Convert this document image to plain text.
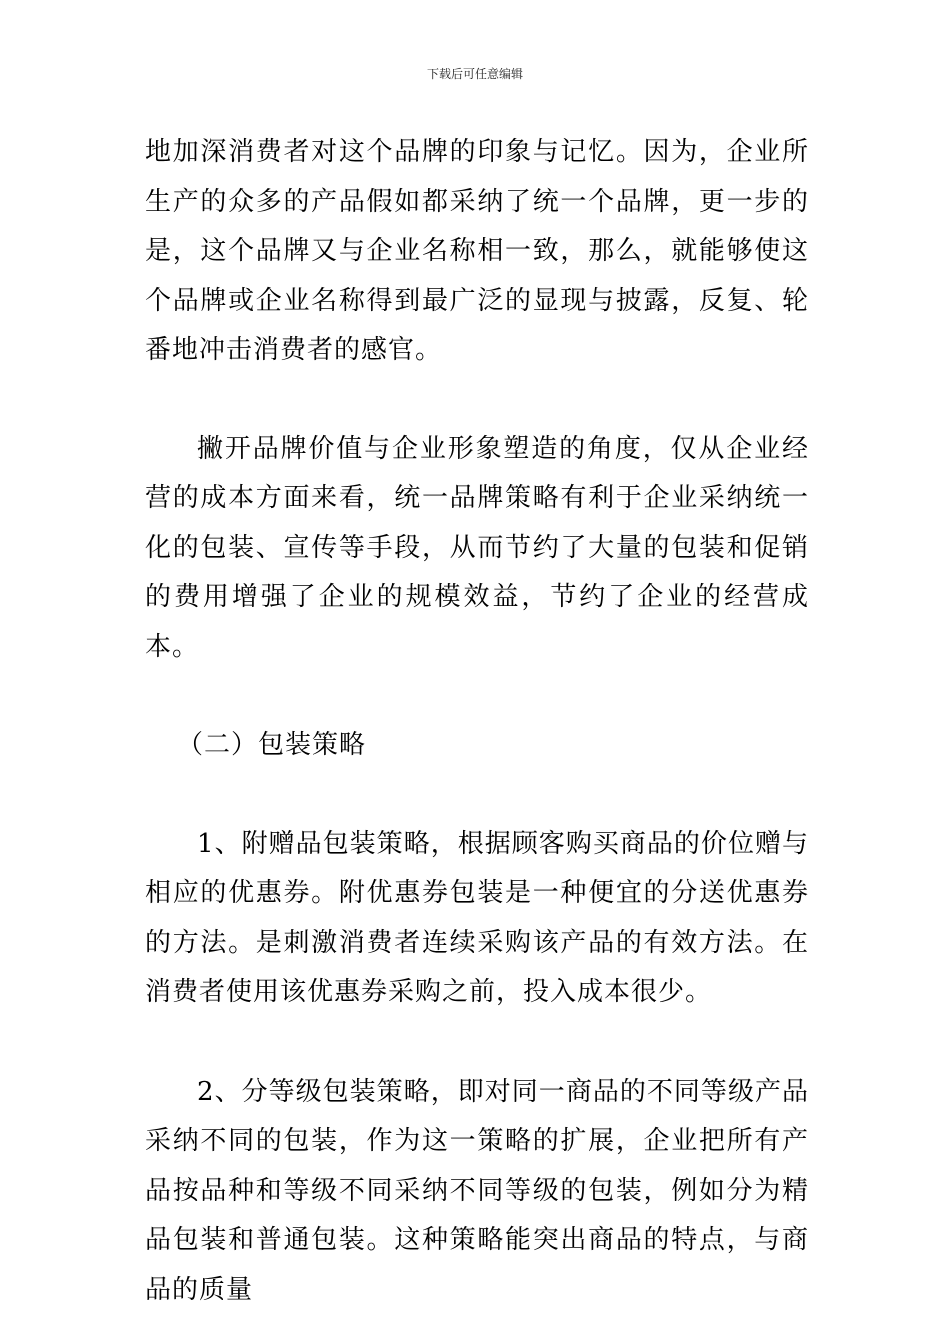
下载后可任意编辑

地加深消费者对这个品牌的印象与记忆。因为，企业所生产的众多的产品假如都采纳了统一个品牌，更一步的是，这个品牌又与企业名称相一致，那么，就能够使这个品牌或企业名称得到最广泛的显现与披露，反复、轮番地冲击消费者的感官。

撇开品牌价值与企业形象塑造的角度，仅从企业经营的成本方面来看，统一品牌策略有利于企业采纳统一化的包装、宣传等手段，从而节约了大量的包装和促销的费用增强了企业的规模效益，节约了企业的经营成本。

（二）包装策略

1、附赠品包装策略，根据顾客购买商品的价位赠与相应的优惠券。附优惠券包装是一种便宜的分送优惠券的方法。是刺激消费者连续采购该产品的有效方法。在消费者使用该优惠券采购之前，投入成本很少。

2、分等级包装策略，即对同一商品的不同等级产品采纳不同的包装，作为这一策略的扩展，企业把所有产品按品种和等级不同采纳不同等级的包装，例如分为精品包装和普通包装。这种策略能突出商品的特点，与商品的质量
